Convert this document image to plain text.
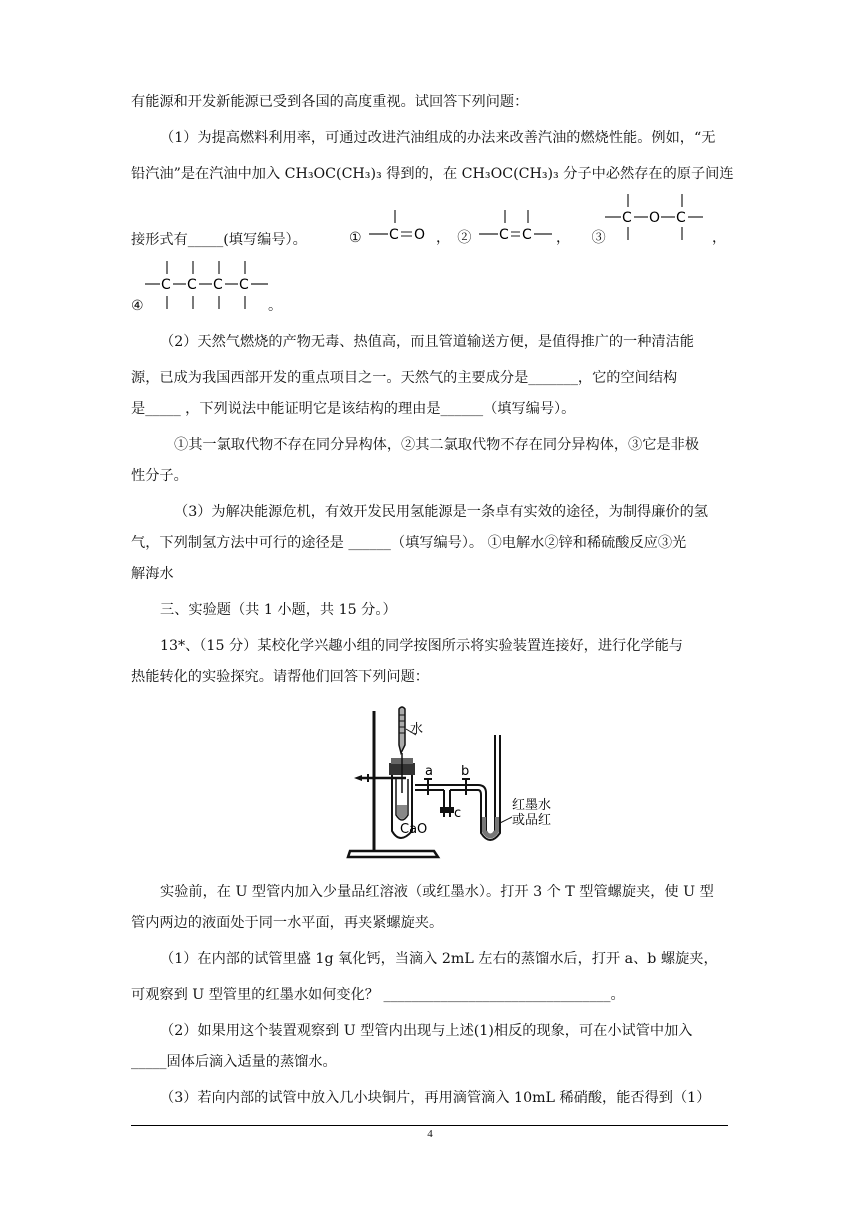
有能源和开发新能源已受到各国的高度重视。试回答下列问题：
（1）为提高燃料利用率，可通过改进汽油组成的办法来改善汽油的燃烧性能。例如，“无
铅汽油”是在汽油中加入 CH₃OC(CH₃)₃ 得到的，在 CH₃OC(CH₃)₃ 分子中必然存在的原子间连
接形式有_____(填写编号）。	① C O ，　② C C ，　　③
C O C
，
C C C C
④	。
（2）天然气燃烧的产物无毒、热值高，而且管道输送方便，是值得推广的一种清洁能
源，已成为我国西部开发的重点项目之一。天然气的主要成分是_______，它的空间结构
是_____ ，下列说法中能证明它是该结构的理由是______（填写编号）。
①其一氯取代物不存在同分异构体，②其二氯取代物不存在同分异构体，③它是非极
性分子。
（3）为解决能源危机，有效开发民用氢能源是一条卓有实效的途径，为制得廉价的氢
气，下列制氢方法中可行的途径是 ______（填写编号）。 ①电解水②锌和稀硫酸反应③光
解海水
三、实验题（共 1 小题，共 15 分。）
13*、（15 分）某校化学兴趣小组的同学按图所示将实验装置连接好，进行化学能与
热能转化的实验探究。请帮他们回答下列问题：
水
a
c
b
CaO
红墨水
或品红
实验前，在 U 型管内加入少量品红溶液（或红墨水）。打开 3 个 T 型管螺旋夹，使 U 型
管内两边的液面处于同一水平面，再夹紧螺旋夹。
（1）在内部的试管里盛 1g 氧化钙，当滴入 2mL 左右的蒸馏水后，打开 a、b 螺旋夹，
可观察到 U 型管里的红墨水如何变化？ ________________________________。
（2）如果用这个装置观察到 U 型管内出现与上述(1)相反的现象，可在小试管中加入
_____固体后滴入适量的蒸馏水。
（3）若向内部的试管中放入几小块铜片，再用滴管滴入 10mL 稀硝酸，能否得到（1）
4
